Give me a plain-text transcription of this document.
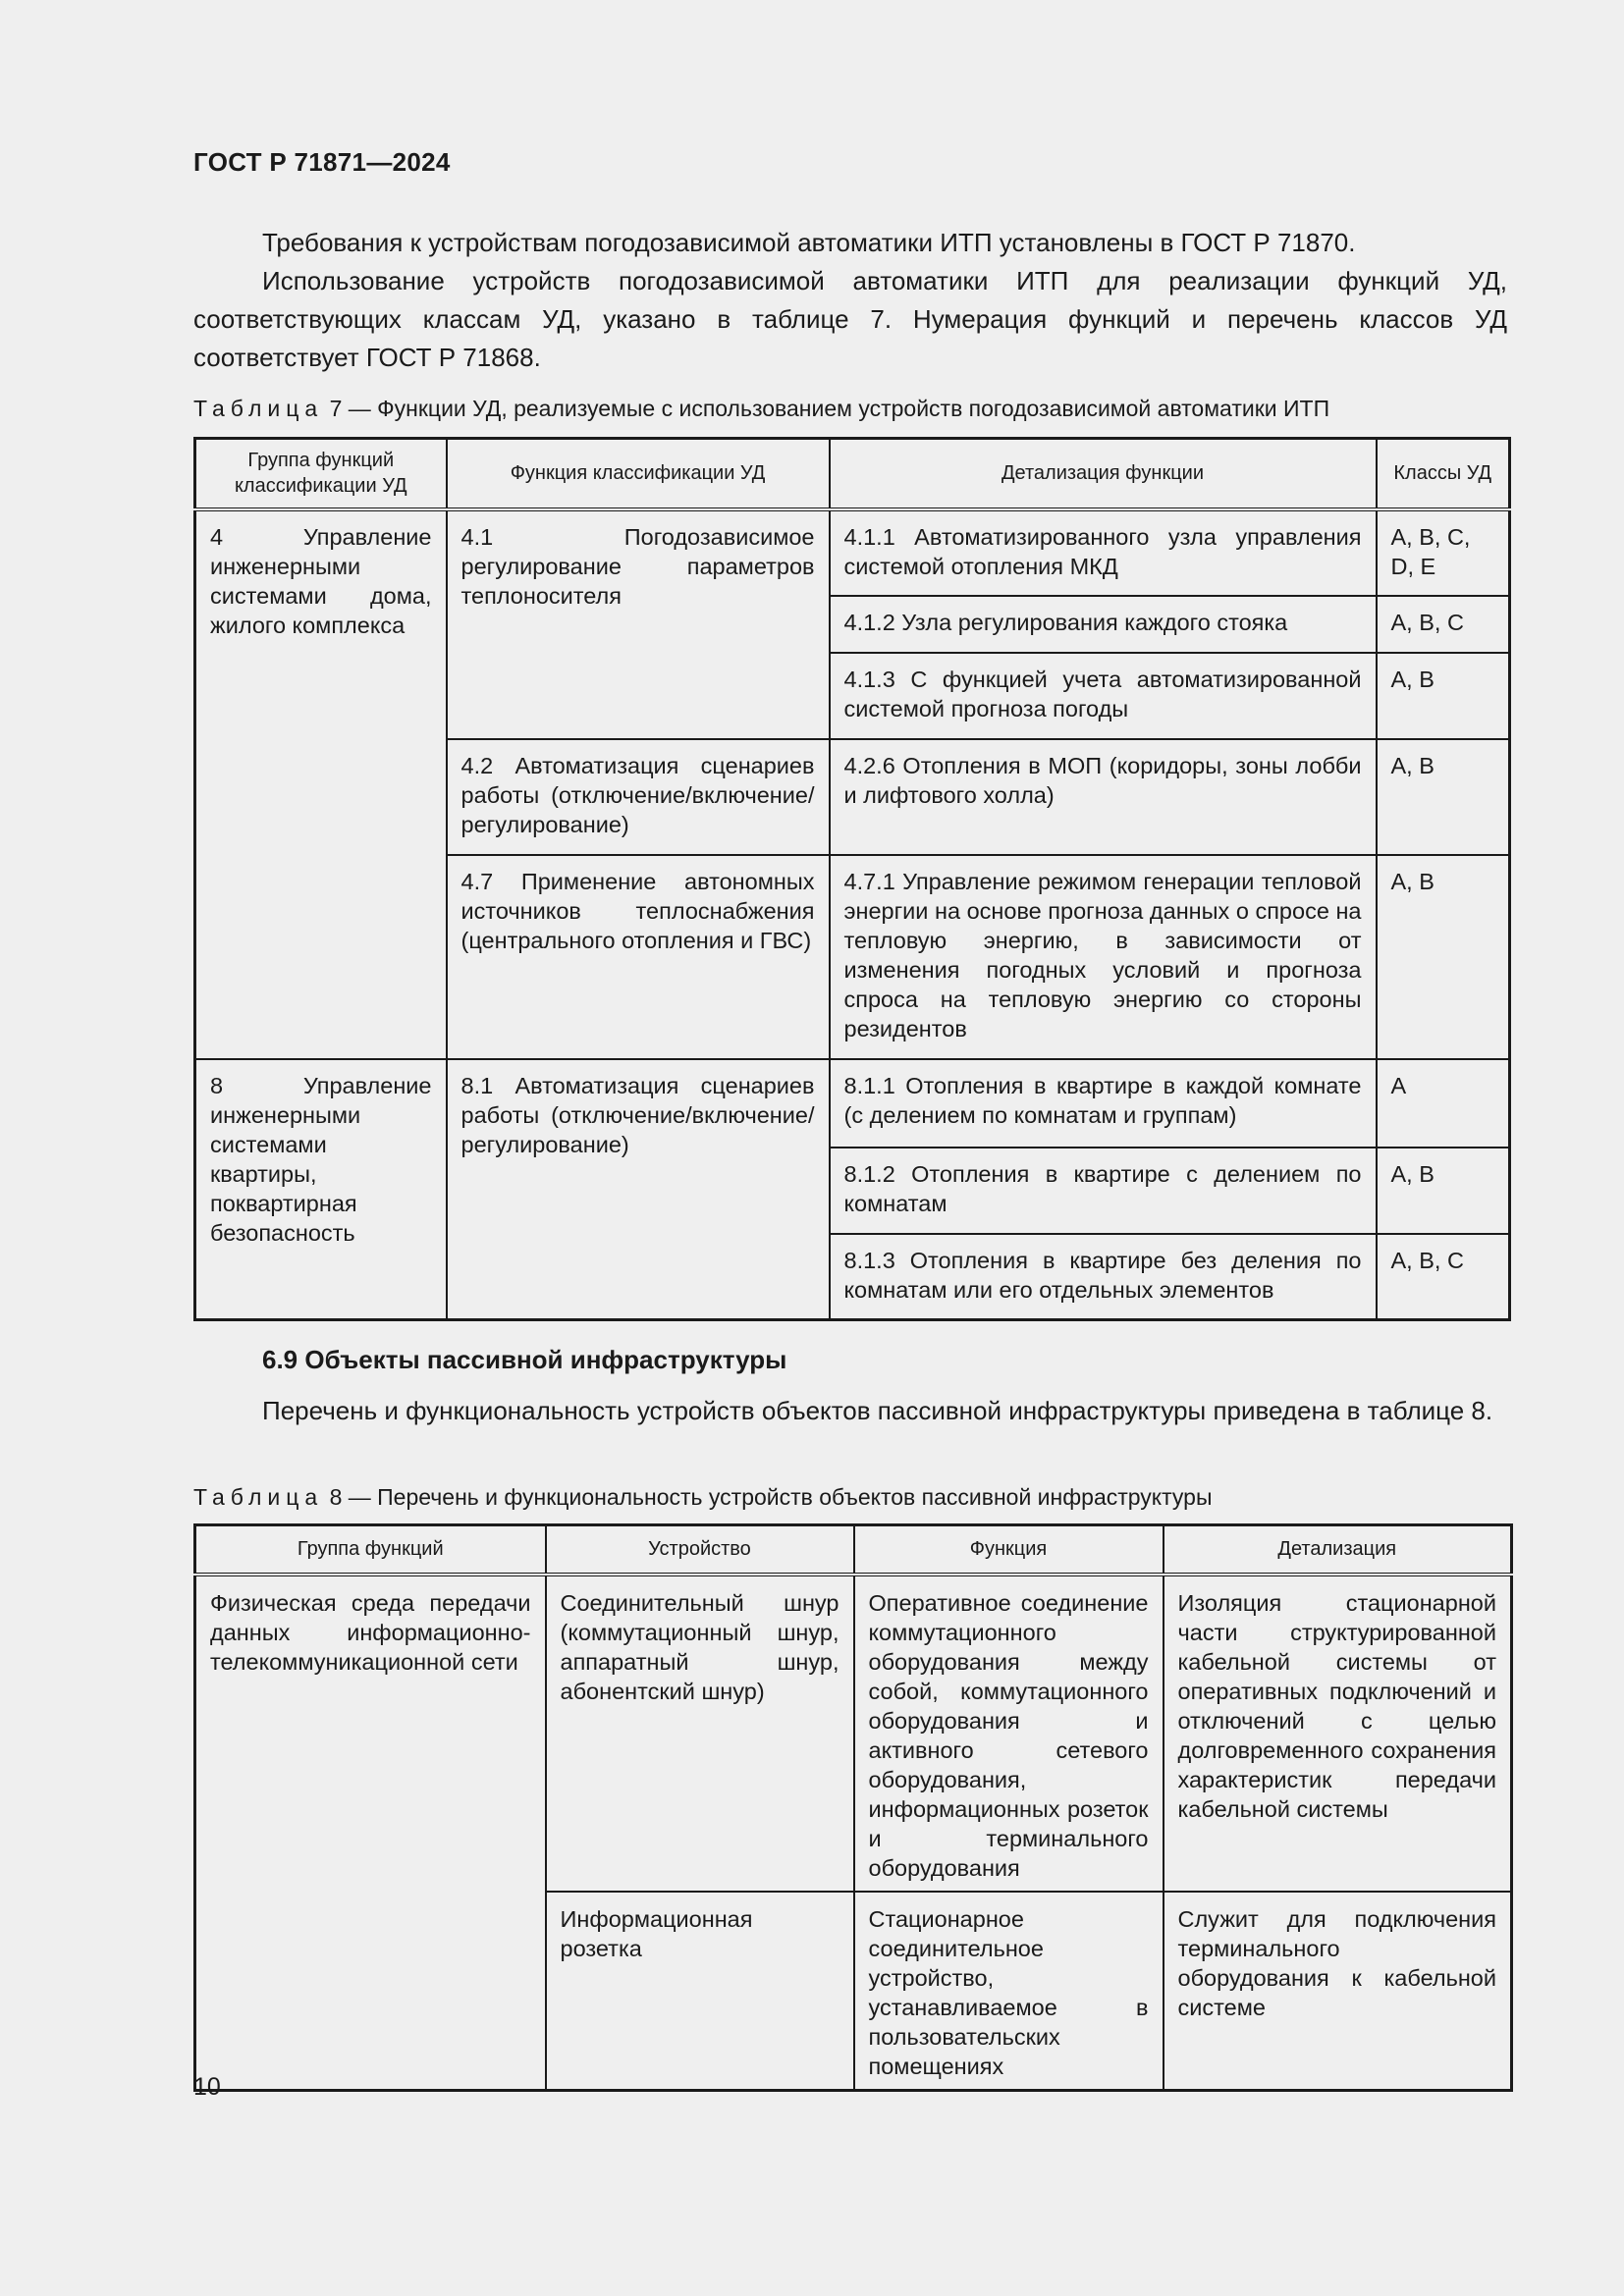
ГОСТ Р 71871—2024
Требования к устройствам погодозависимой автоматики ИТП установлены в ГОСТ Р 71870.
Использование устройств погодозависимой автоматики ИТП для реализации функций УД, соответствующих классам УД, указано в таблице 7. Нумерация функций и перечень классов УД соответствует ГОСТ Р 71868.
Таблица 7 — Функции УД, реализуемые с использованием устройств погодозависимой автоматики ИТП
Группа функций классификации УД	Функция классификации УД	Детализация функции	Классы УД
4 Управление инженерными системами дома, жилого комплекса	4.1 Погодозависимое регулирование параметров теплоносителя	4.1.1 Автоматизированного узла управления системой отопления МКД	A, B, C, D, E
		4.1.2 Узла регулирования каждого стояка	A, B, C
		4.1.3 С функцией учета автоматизированной системой прогноза погоды	A, B
	4.2 Автоматизация сценариев работы (отключение/включение/регулирование)	4.2.6 Отопления в МОП (коридоры, зоны лобби и лифтового холла)	A, B
	4.7 Применение автономных источников теплоснабжения (центрального отопления и ГВС)	4.7.1 Управление режимом генерации тепловой энергии на основе прогноза данных о спросе на тепловую энергию, в зависимости от изменения погодных условий и прогноза спроса на тепловую энергию со стороны резидентов	A, B
8 Управление инженерными системами квартиры, поквартирная безопасность	8.1 Автоматизация сценариев работы (отключение/включение/регулирование)	8.1.1 Отопления в квартире в каждой комнате (с делением по комнатам и группам)	A
		8.1.2 Отопления в квартире с делением по комнатам	A, B
		8.1.3 Отопления в квартире без деления по комнатам или его отдельных элементов	A, B, C
6.9 Объекты пассивной инфраструктуры
Перечень и функциональность устройств объектов пассивной инфраструктуры приведена в таблице 8.
Таблица 8 — Перечень и функциональность устройств объектов пассивной инфраструктуры
Группа функций	Устройство	Функция	Детализация
Физическая среда передачи данных информационно-телекоммуникационной сети	Соединительный шнур (коммутационный шнур, аппаратный шнур, абонентский шнур)	Оперативное соединение коммутационного оборудования между собой, коммутационного оборудования и активного сетевого оборудования, информационных розеток и терминального оборудования	Изоляция стационарной части структурированной кабельной системы от оперативных подключений и отключений с целью долговременного сохранения характеристик передачи кабельной системы
	Информационная розетка	Стационарное соединительное устройство, устанавливаемое в пользовательских помещениях	Служит для подключения терминального оборудования к кабельной системе
10
